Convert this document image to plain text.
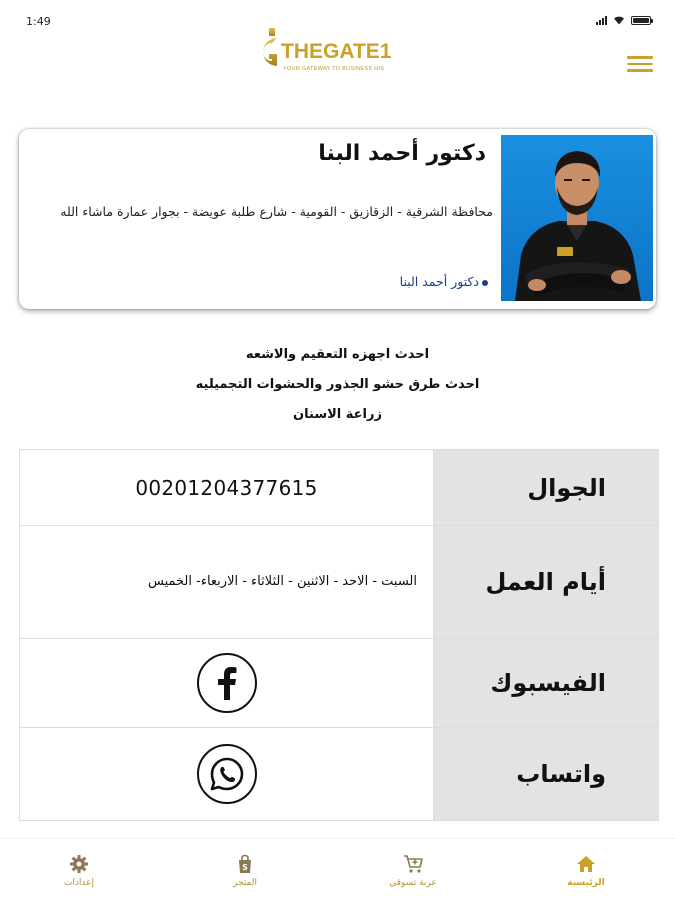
1:49
THEGATE1
YOUR GATEWAY TO BUSINESS HIS
دكتور أحمد البنا
محافظة الشرقية - الزقازيق - القومية - شارع طلبة عويضة - بجوار عمارة ماشاء الله
دكتور أحمد البنا
احدث اجهزه التعقيم والاشعه
احدث طرق حشو الجذور والحشوات التجميليه
زراعة الاسنان
00201204377615	الجوال
السبت - الاحد - الاثنين - الثلاثاء - الاربعاء- الخميس	أيام العمل
الفيسبوك
واتساب
الرئيسية
عربة تسوقي
S
المتجر
إعدادات
